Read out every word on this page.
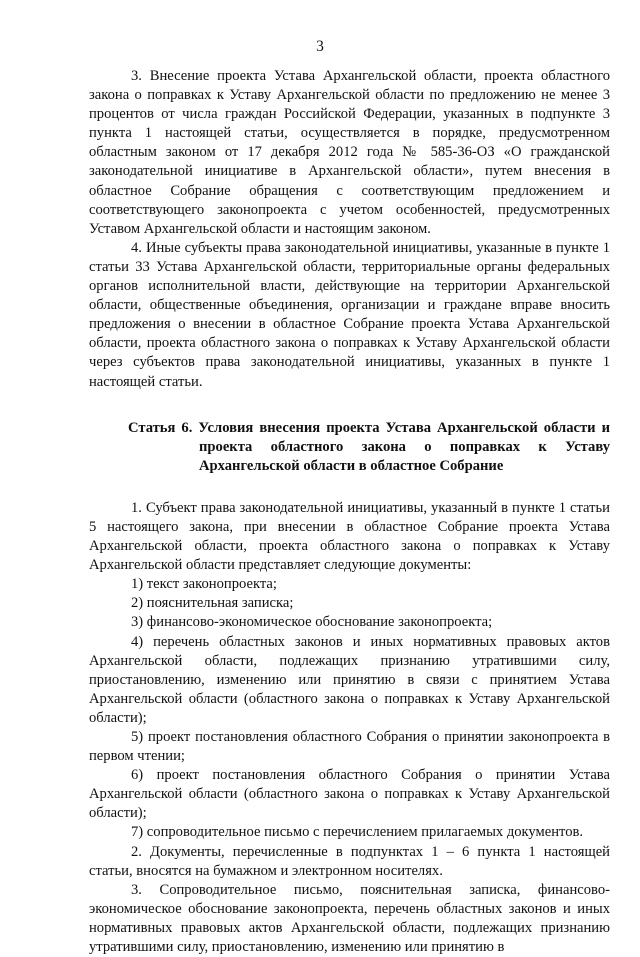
3

3. Внесение проекта Устава Архангельской области, проекта областного закона о поправках к Уставу Архангельской области по предложению не менее 3 процентов от числа граждан Российской Федерации, указанных в подпункте 3 пункта 1 настоящей статьи, осуществляется в порядке, предусмотренном областным законом от 17 декабря 2012 года № 585-36-ОЗ «О гражданской законодательной инициативе в Архангельской области», путем внесения в областное Собрание обращения с соответствующим предложением и соответствующего законопроекта с учетом особенностей, предусмотренных Уставом Архангельской области и настоящим законом.

4. Иные субъекты права законодательной инициативы, указанные в пункте 1 статьи 33 Устава Архангельской области, территориальные органы федеральных органов исполнительной власти, действующие на территории Архангельской области, общественные объединения, организации и граждане вправе вносить предложения о внесении в областное Собрание проекта Устава Архангельской области, проекта областного закона о поправках к Уставу Архангельской области через субъектов права законодательной инициативы, указанных в пункте 1 настоящей статьи.

Статья 6. Условия внесения проекта Устава Архангельской области и проекта областного закона о поправках к Уставу Архангельской области в областное Собрание

1. Субъект права законодательной инициативы, указанный в пункте 1 статьи 5 настоящего закона, при внесении в областное Собрание проекта Устава Архангельской области, проекта областного закона о поправках к Уставу Архангельской области представляет следующие документы:

1) текст законопроекта;

2) пояснительная записка;

3) финансово-экономическое обоснование законопроекта;

4) перечень областных законов и иных нормативных правовых актов Архангельской области, подлежащих признанию утратившими силу, приостановлению, изменению или принятию в связи с принятием Устава Архангельской области (областного закона о поправках к Уставу Архангельской области);

5) проект постановления областного Собрания о принятии законопроекта в первом чтении;

6) проект постановления областного Собрания о принятии Устава Архангельской области (областного закона о поправках к Уставу Архангельской области);

7) сопроводительное письмо с перечислением прилагаемых документов.

2. Документы, перечисленные в подпунктах 1 – 6 пункта 1 настоящей статьи, вносятся на бумажном и электронном носителях.

3. Сопроводительное письмо, пояснительная записка, финансово-экономическое обоснование законопроекта, перечень областных законов и иных нормативных правовых актов Архангельской области, подлежащих признанию утратившими силу, приостановлению, изменению или принятию в
